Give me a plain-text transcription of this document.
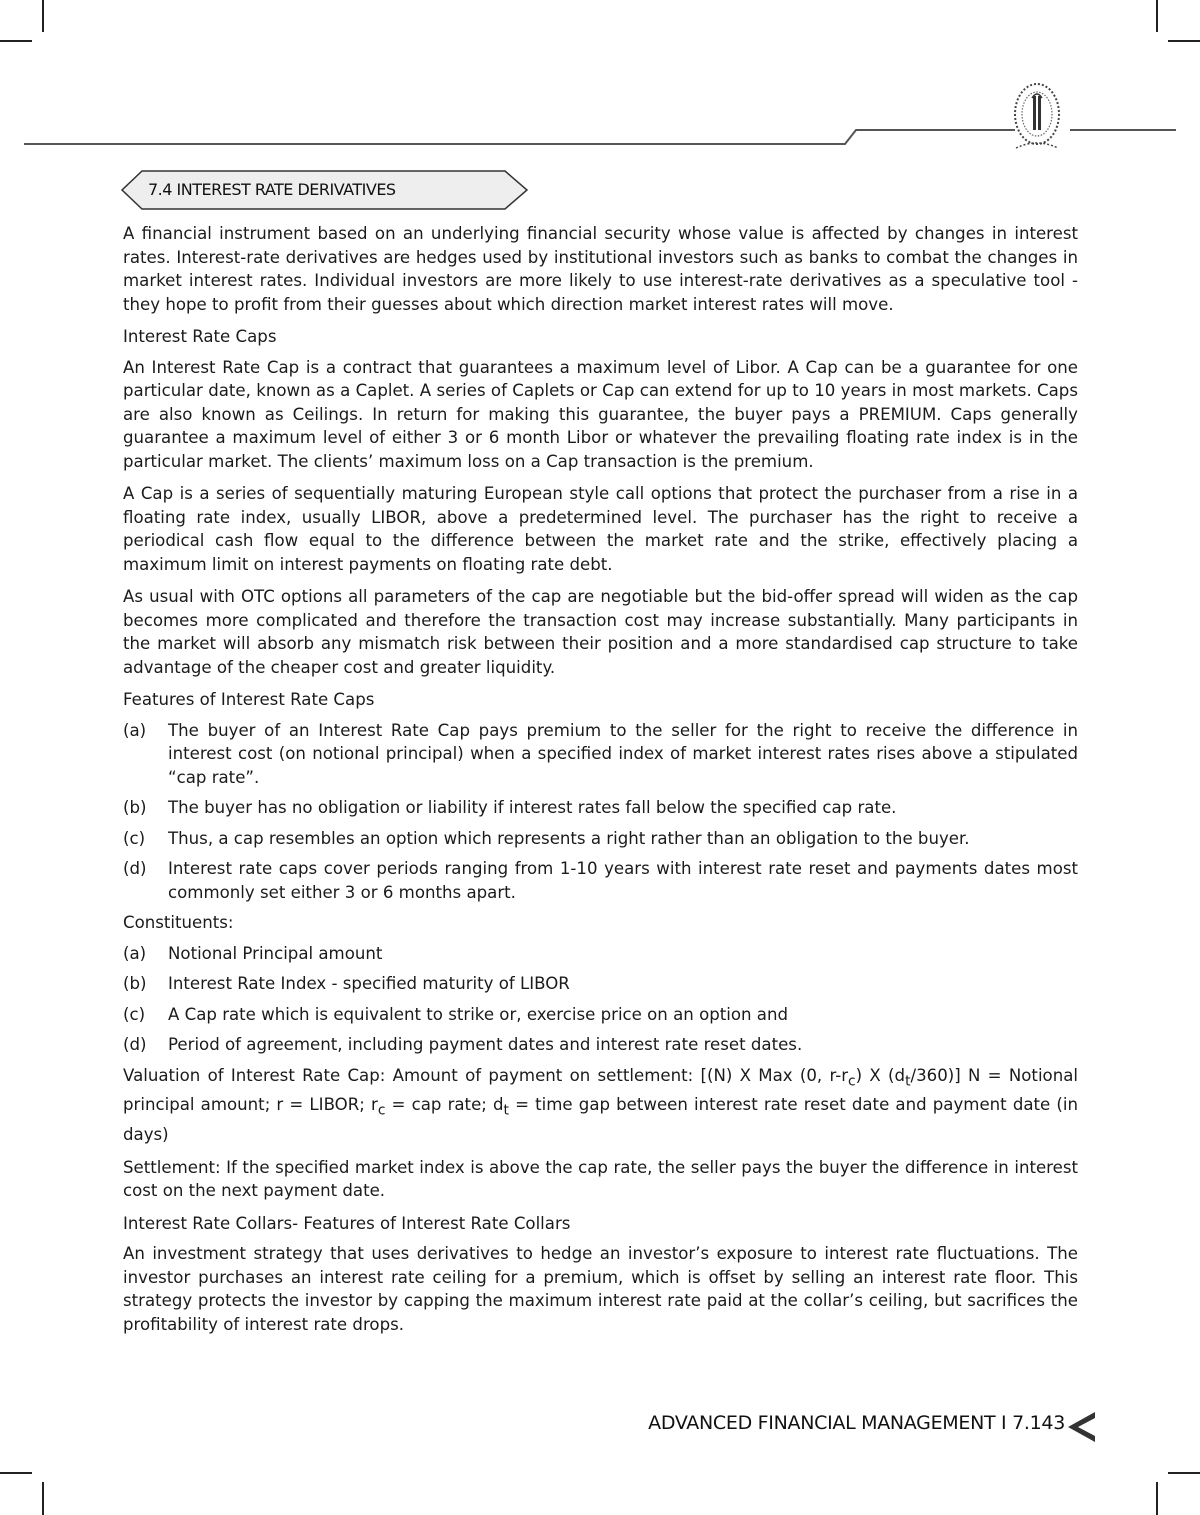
7.4 INTEREST RATE DERIVATIVES

A financial instrument based on an underlying financial security whose value is affected by changes in interest rates. Interest-rate derivatives are hedges used by institutional investors such as banks to combat the changes in market interest rates. Individual investors are more likely to use interest-rate derivatives as a speculative tool - they hope to profit from their guesses about which direction market interest rates will move.

Interest Rate Caps

An Interest Rate Cap is a contract that guarantees a maximum level of Libor. A Cap can be a guarantee for one particular date, known as a Caplet. A series of Caplets or Cap can extend for up to 10 years in most markets. Caps are also known as Ceilings. In return for making this guarantee, the buyer pays a PREMIUM. Caps generally guarantee a maximum level of either 3 or 6 month Libor or whatever the prevailing floating rate index is in the particular market. The clients’ maximum loss on a Cap transaction is the premium.

A Cap is a series of sequentially maturing European style call options that protect the purchaser from a rise in a floating rate index, usually LIBOR, above a predetermined level. The purchaser has the right to receive a periodical cash flow equal to the difference between the market rate and the strike, effectively placing a maximum limit on interest payments on floating rate debt.

As usual with OTC options all parameters of the cap are negotiable but the bid-offer spread will widen as the cap becomes more complicated and therefore the transaction cost may increase substantially. Many participants in the market will absorb any mismatch risk between their position and a more standardised cap structure to take advantage of the cheaper cost and greater liquidity.

Features of Interest Rate Caps

(a)	The buyer of an Interest Rate Cap pays premium to the seller for the right to receive the difference in interest cost (on notional principal) when a specified index of market interest rates rises above a stipulated “cap rate”.
(b)	The buyer has no obligation or liability if interest rates fall below the specified cap rate.
(c)	Thus, a cap resembles an option which represents a right rather than an obligation to the buyer.
(d)	Interest rate caps cover periods ranging from 1-10 years with interest rate reset and payments dates most commonly set either 3 or 6 months apart.

Constituents:

(a)	Notional Principal amount
(b)	Interest Rate Index - specified maturity of LIBOR
(c)	A Cap rate which is equivalent to strike or, exercise price on an option and
(d)	Period of agreement, including payment dates and interest rate reset dates.

Valuation of Interest Rate Cap: Amount of payment on settlement: [(N) X Max (0, $r-r_c$) X $(d_t/360)$] N = Notional principal amount; r = LIBOR; $r_c$ = cap rate; $d_t$ = time gap between interest rate reset date and payment date (in days)

Settlement: If the specified market index is above the cap rate, the seller pays the buyer the difference in interest cost on the next payment date.

Interest Rate Collars- Features of Interest Rate Collars

An investment strategy that uses derivatives to hedge an investor’s exposure to interest rate fluctuations. The investor purchases an interest rate ceiling for a premium, which is offset by selling an interest rate floor. This strategy protects the investor by capping the maximum interest rate paid at the collar’s ceiling, but sacrifices the profitability of interest rate drops.

ADVANCED FINANCIAL MANAGEMENT I 7.143
